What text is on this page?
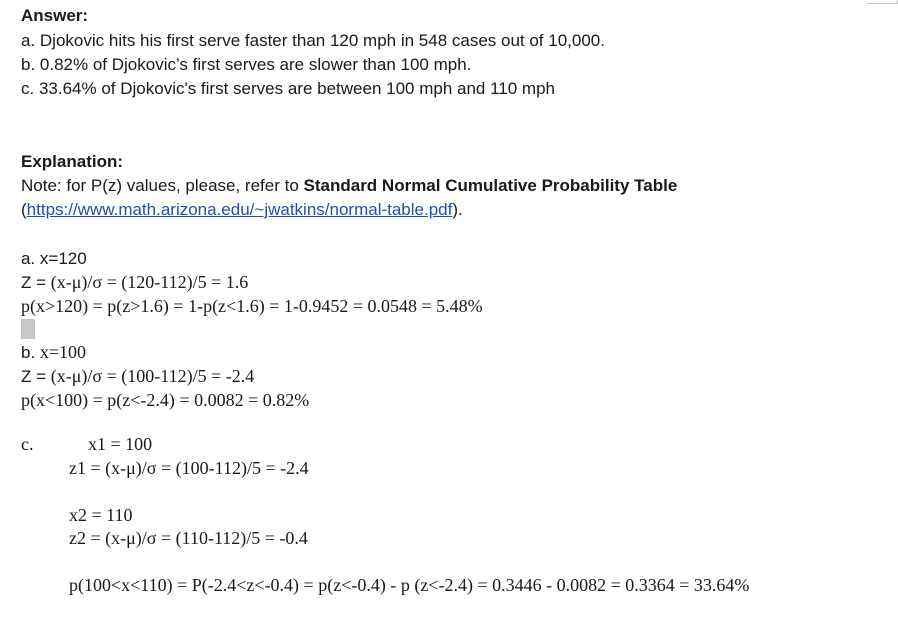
Answer:
a. Djokovic hits his first serve faster than 120 mph in 548 cases out of 10,000.
b. 0.82% of Djokovic’s first serves are slower than 100 mph.
c. 33.64% of Djokovic's first serves are between 100 mph and 110 mph
Explanation:
Note: for P(z) values, please, refer to Standard Normal Cumulative Probability Table
(https://www.math.arizona.edu/~jwatkins/normal-table.pdf).
a. x=120
Z = (x-μ)/σ = (120-112)/5 = 1.6
p(x>120) = p(z>1.6) = 1-p(z<1.6) = 1-0.9452 = 0.0548 = 5.48%
b. x=100
Z = (x-μ)/σ = (100-112)/5 = -2.4
p(x<100) = p(z<-2.4) = 0.0082 = 0.82%
c.	x1 = 100
z1 = (x-μ)/σ = (100-112)/5 = -2.4
x2 = 110
z2 = (x-μ)/σ = (110-112)/5 = -0.4
p(100<x<110) = P(-2.4<z<-0.4) = p(z<-0.4) - p (z<-2.4) = 0.3446 - 0.0082 = 0.3364 = 33.64%
